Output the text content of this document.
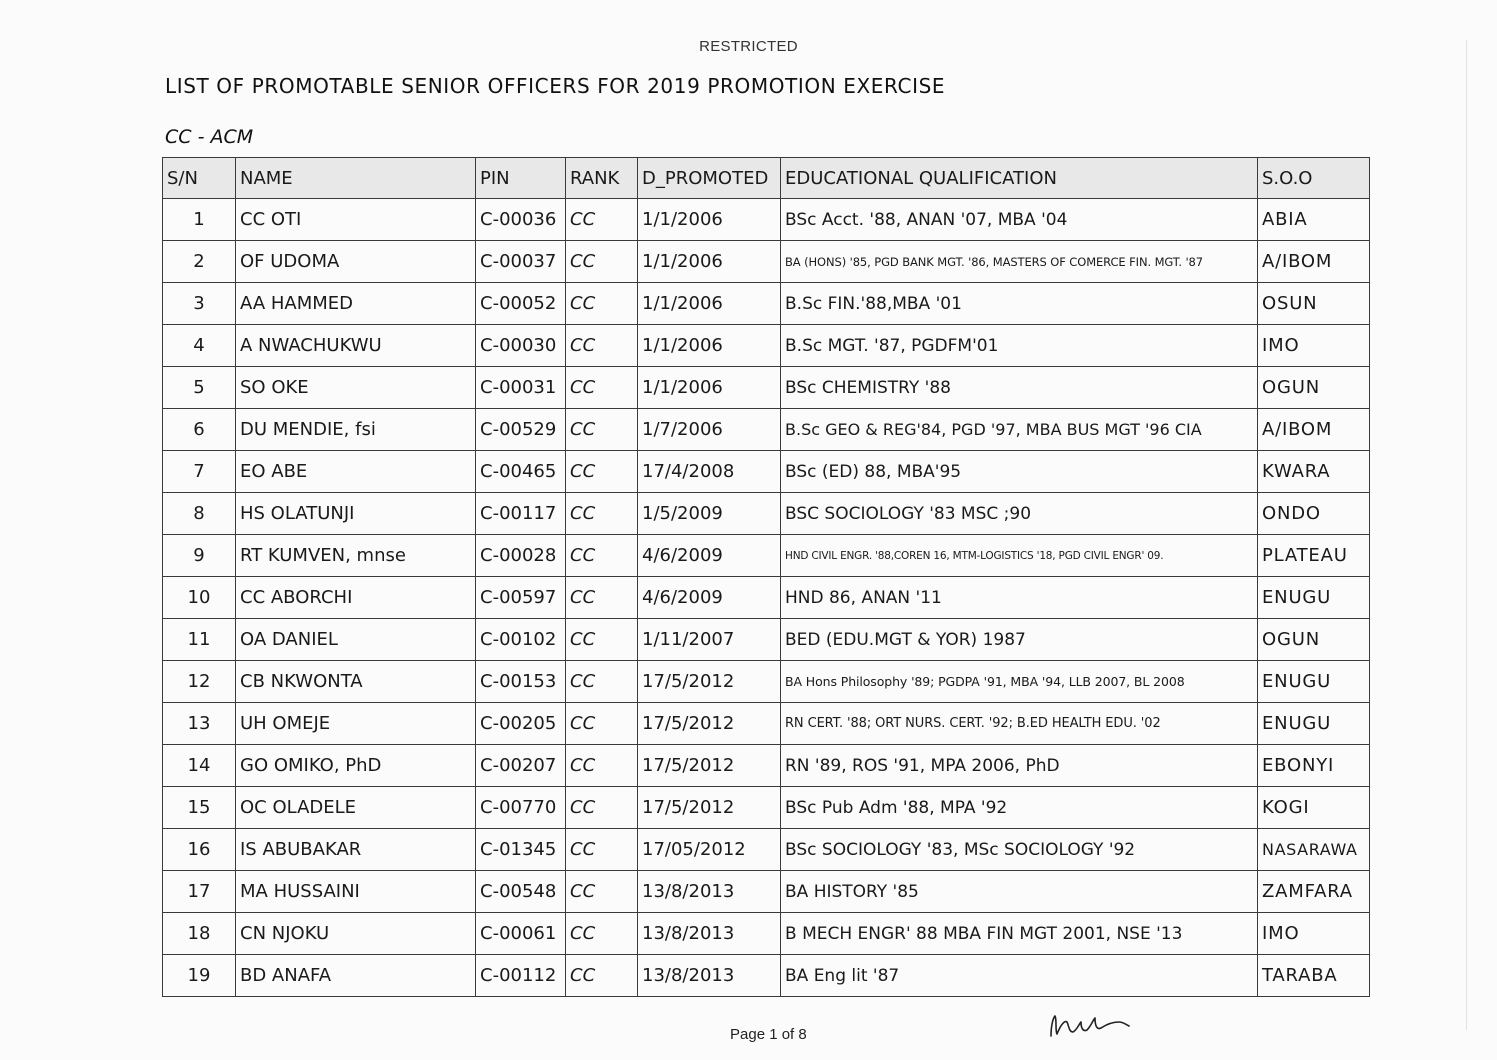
RESTRICTED
LIST OF PROMOTABLE SENIOR OFFICERS FOR 2019 PROMOTION EXERCISE
CC - ACM
S/N	NAME	PIN	RANK	D_PROMOTED	EDUCATIONAL QUALIFICATION	S.O.O
1	CC OTI	C-00036	CC	1/1/2006	BSc Acct. '88, ANAN '07, MBA '04	ABIA
2	OF UDOMA	C-00037	CC	1/1/2006	BA (HONS) '85, PGD BANK MGT. '86, MASTERS OF COMERCE FIN. MGT. '87	A/IBOM
3	AA HAMMED	C-00052	CC	1/1/2006	B.Sc FIN.'88,MBA '01	OSUN
4	A NWACHUKWU	C-00030	CC	1/1/2006	B.Sc MGT. '87, PGDFM'01	IMO
5	SO OKE	C-00031	CC	1/1/2006	BSc CHEMISTRY '88	OGUN
6	DU MENDIE, fsi	C-00529	CC	1/7/2006	B.Sc GEO & REG'84, PGD '97, MBA BUS MGT '96 CIA	A/IBOM
7	EO ABE	C-00465	CC	17/4/2008	BSc (ED) 88, MBA'95	KWARA
8	HS OLATUNJI	C-00117	CC	1/5/2009	BSC SOCIOLOGY '83 MSC ;90	ONDO
9	RT KUMVEN, mnse	C-00028	CC	4/6/2009	HND CIVIL ENGR. '88,COREN 16, MTM-LOGISTICS '18, PGD CIVIL ENGR' 09.	PLATEAU
10	CC ABORCHI	C-00597	CC	4/6/2009	HND 86, ANAN '11	ENUGU
11	OA DANIEL	C-00102	CC	1/11/2007	BED (EDU.MGT & YOR) 1987	OGUN
12	CB NKWONTA	C-00153	CC	17/5/2012	BA Hons Philosophy '89; PGDPA '91, MBA '94, LLB 2007, BL 2008	ENUGU
13	UH OMEJE	C-00205	CC	17/5/2012	RN CERT. '88; ORT NURS. CERT. '92; B.ED HEALTH EDU. '02	ENUGU
14	GO OMIKO, PhD	C-00207	CC	17/5/2012	RN '89, ROS '91, MPA 2006, PhD	EBONYI
15	OC OLADELE	C-00770	CC	17/5/2012	BSc Pub Adm '88, MPA '92	KOGI
16	IS ABUBAKAR	C-01345	CC	17/05/2012	BSc SOCIOLOGY '83, MSc SOCIOLOGY '92	NASARAWA
17	MA HUSSAINI	C-00548	CC	13/8/2013	BA HISTORY '85	ZAMFARA
18	CN NJOKU	C-00061	CC	13/8/2013	B MECH ENGR' 88 MBA FIN MGT 2001, NSE '13	IMO
19	BD ANAFA	C-00112	CC	13/8/2013	BA Eng lit '87	TARABA
Page 1 of 8
